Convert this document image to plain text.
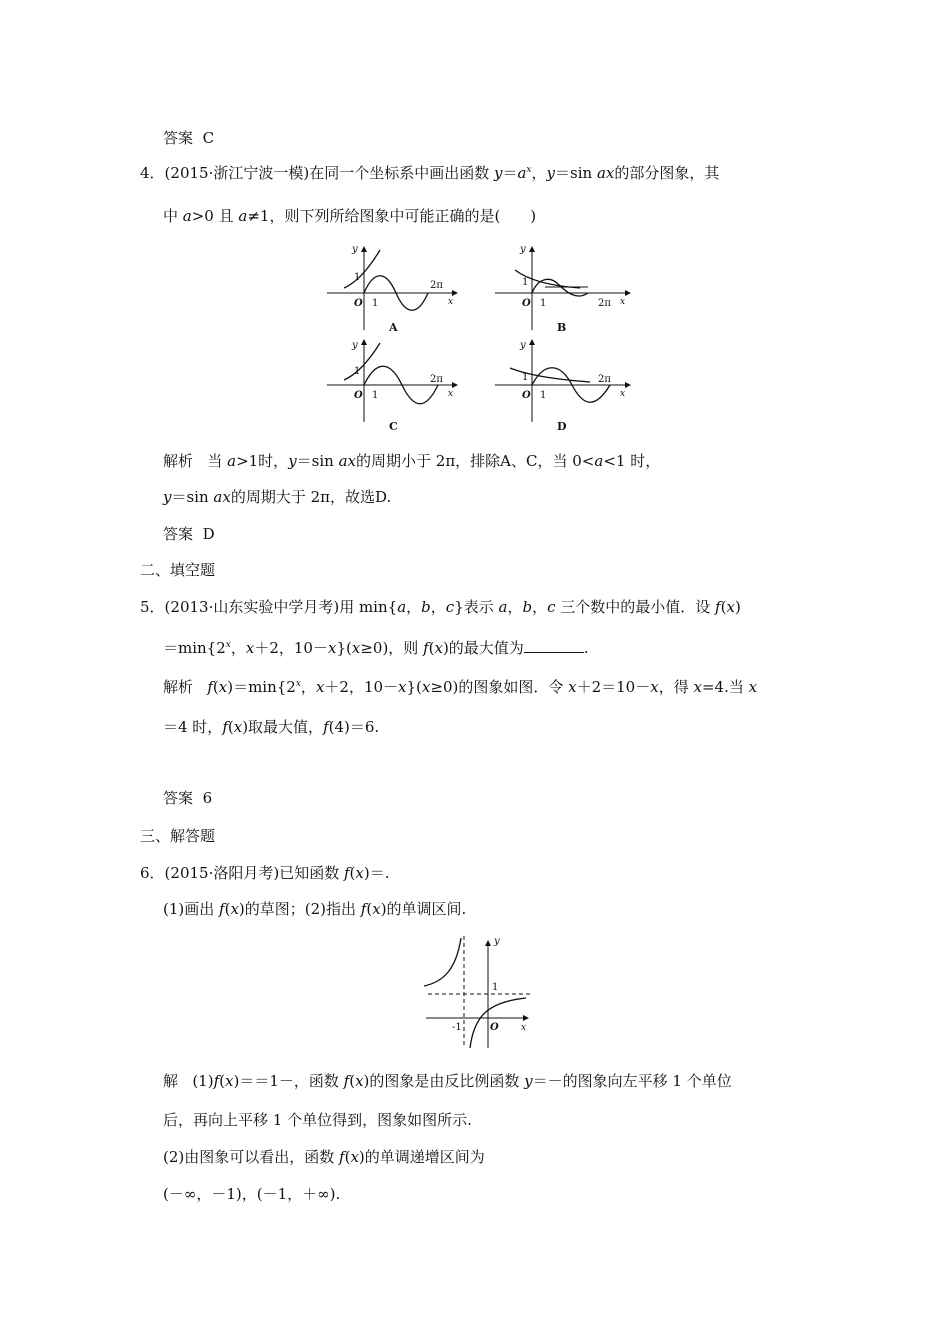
答案 C
4．(2015·浙江宁波一模)在同一个坐标系中画出函数 $y=a^x$，y＝sin ax的部分图象，其
中 a>0 且 a≠1，则下列所给图象中可能正确的是(　　)
y
1
O 1
2π
x
A
y
1
O 1	2π x
B
y
1
O 1
2π
x
C
y
1
O 1
2π
x
D
解析 当 a>1时，y＝sin ax的周期小于 2π，排除A、C，当 0<a<1 时，
y＝sin ax的周期大于 2π，故选D.
答案 D
二、填空题
5．(2013·山东实验中学月考)用 min{a，b，c}表示 a，b，c 三个数中的最小值．设 f(x)
$=\min\{2^x$，x＋2，10－x}(x≥0)，则 f(x)的最大值为	.
解析 $f(x)=\min\{2^x$，x＋2，10－x}(x≥0)的图象如图．令 x＋2＝10－x，得 x=4.当 x
＝4 时，f(x)取最大值，f(4)＝6.
答案 6
三、解答题
6．(2015·洛阳月考)已知函数 f(x)＝.
(1)画出 f(x)的草图；(2)指出 f(x)的单调区间.
y
1
-1	O x
解 (1)f(x)＝＝1－，函数 f(x)的图象是由反比例函数 y＝－的图象向左平移 1 个单位
后，再向上平移 1 个单位得到，图象如图所示.
(2)由图象可以看出，函数 f(x)的单调递增区间为
(－∞，－1)，(－1，＋∞).
